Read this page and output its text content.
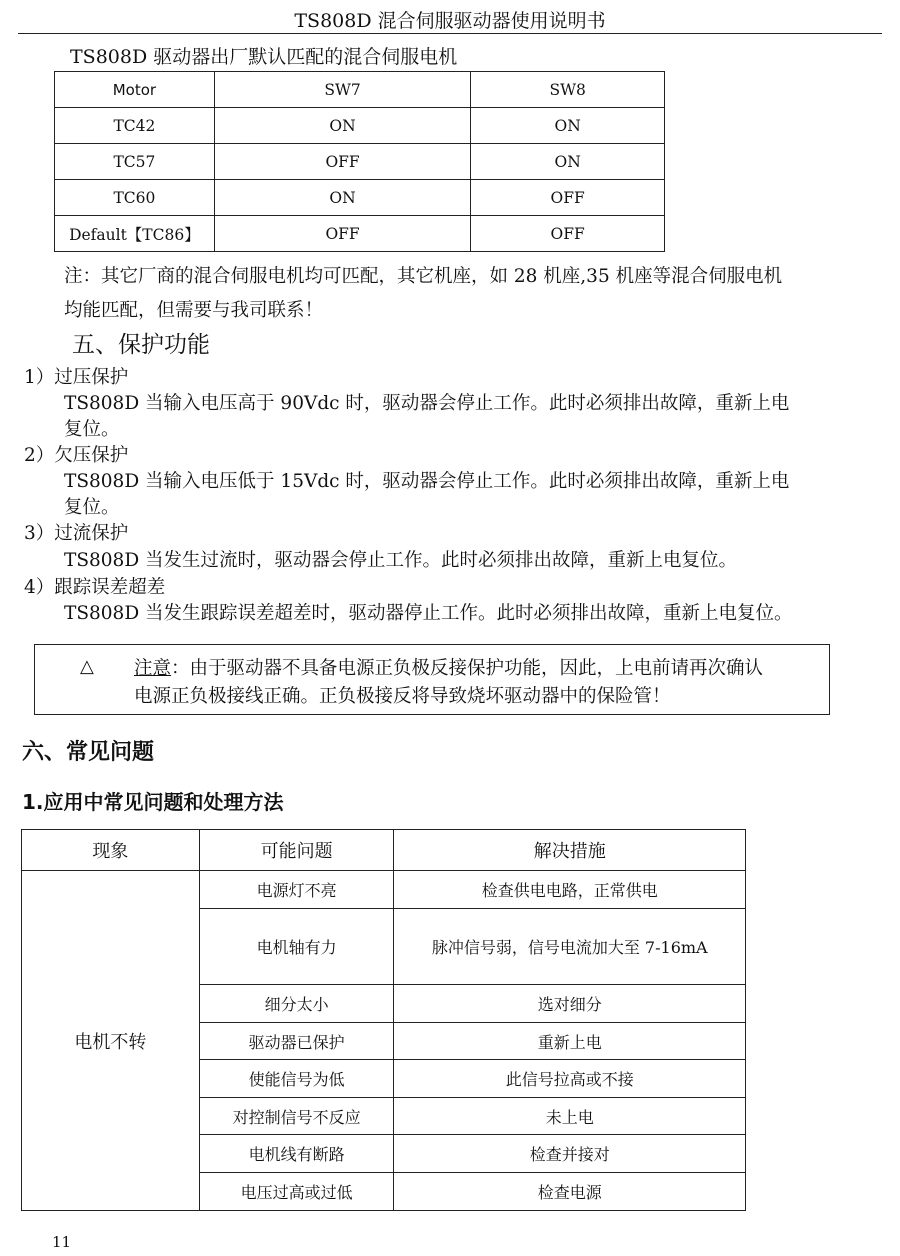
TS808D 混合伺服驱动器使用说明书
TS808D 驱动器出厂默认匹配的混合伺服电机
Motor	SW7	SW8
TC42	ON	ON
TC57	OFF	ON
TC60	ON	OFF
Default【TC86】	OFF	OFF
注：其它厂商的混合伺服电机均可匹配，其它机座，如 28 机座,35 机座等混合伺服电机
均能匹配，但需要与我司联系！
五、保护功能
1）过压保护
TS808D 当输入电压高于 90Vdc 时，驱动器会停止工作。此时必须排出故障，重新上电
复位。
2）欠压保护
TS808D 当输入电压低于 15Vdc 时，驱动器会停止工作。此时必须排出故障，重新上电
复位。
3）过流保护
TS808D 当发生过流时，驱动器会停止工作。此时必须排出故障，重新上电复位。
4）跟踪误差超差
TS808D 当发生跟踪误差超差时，驱动器停止工作。此时必须排出故障，重新上电复位。
△ 注意：由于驱动器不具备电源正负极反接保护功能，因此，上电前请再次确认
电源正负极接线正确。正负极接反将导致烧坏驱动器中的保险管！
六、常见问题
1.应用中常见问题和处理方法
现象	可能问题	解决措施
电机不转	电源灯不亮	检查供电电路，正常供电
	电机轴有力	脉冲信号弱，信号电流加大至 7-16mA
	细分太小	选对细分
	驱动器已保护	重新上电
	使能信号为低	此信号拉高或不接
	对控制信号不反应	未上电
	电机线有断路	检查并接对
	电压过高或过低	检查电源
11
